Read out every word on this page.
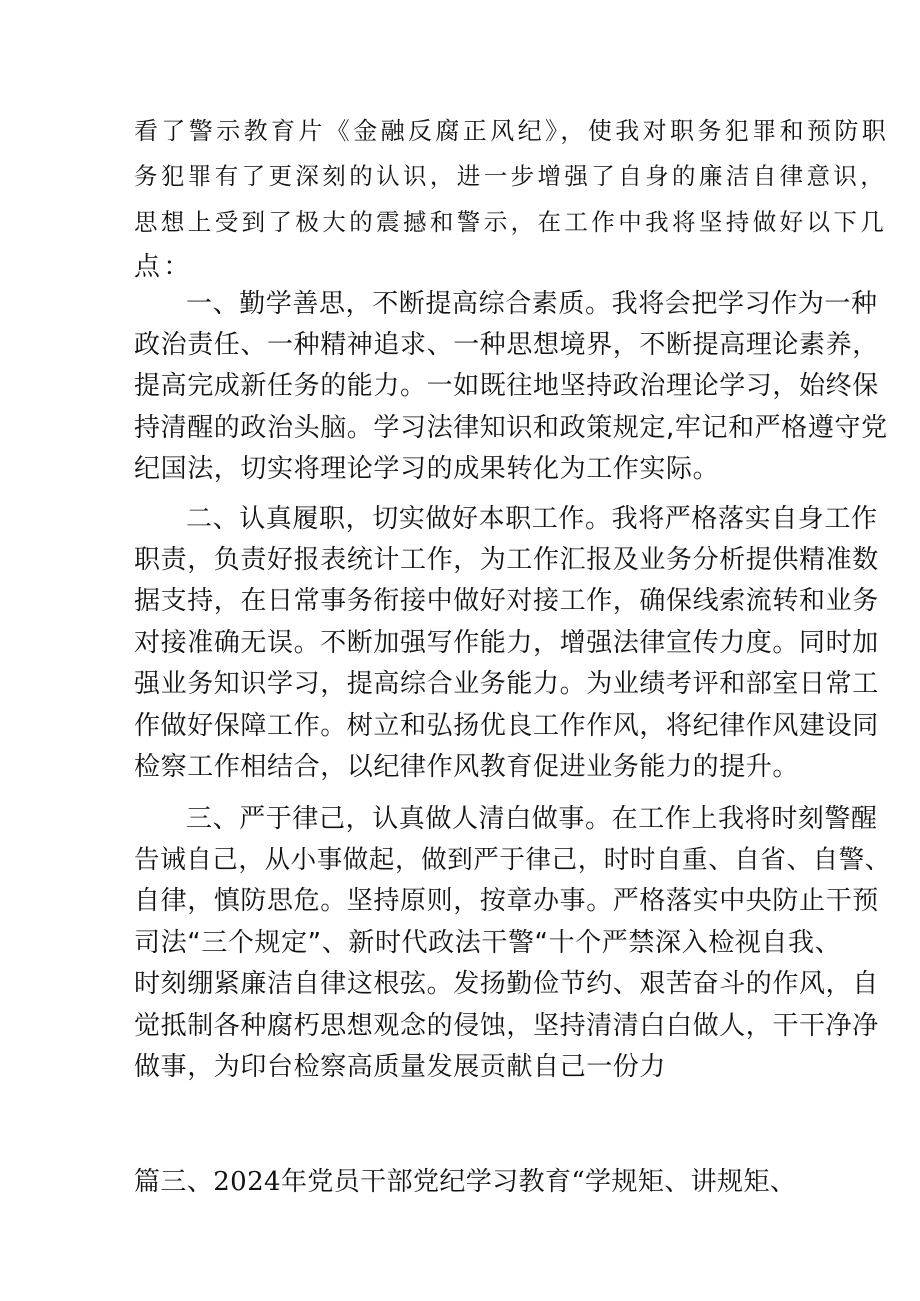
看了警示教育片《金融反腐正风纪》，使我对职务犯罪和预防职
务犯罪有了更深刻的认识，进一步增强了自身的廉洁自律意识，
思想上受到了极大的震撼和警示，在工作中我将坚持做好以下几
点：
一、勤学善思，不断提高综合素质。我将会把学习作为一种
政治责任、一种精神追求、一种思想境界，不断提高理论素养，
提高完成新任务的能力。一如既往地坚持政治理论学习，始终保
持清醒的政治头脑。学习法律知识和政策规定,牢记和严格遵守党
纪国法，切实将理论学习的成果转化为工作实际。
二、认真履职，切实做好本职工作。我将严格落实自身工作
职责，负责好报表统计工作，为工作汇报及业务分析提供精准数
据支持，在日常事务衔接中做好对接工作，确保线索流转和业务
对接准确无误。不断加强写作能力，增强法律宣传力度。同时加
强业务知识学习，提高综合业务能力。为业绩考评和部室日常工
作做好保障工作。树立和弘扬优良工作作风，将纪律作风建设同
检察工作相结合，以纪律作风教育促进业务能力的提升。
三、严于律己，认真做人清白做事。在工作上我将时刻警醒
告诫自己，从小事做起，做到严于律己，时时自重、自省、自警、
自律，慎防思危。坚持原则，按章办事。严格落实中央防止干预
司法“三个规定”、新时代政法干警“十个严禁深入检视自我、
时刻绷紧廉洁自律这根弦。发扬勤俭节约、艰苦奋斗的作风，自
觉抵制各种腐朽思想观念的侵蚀，坚持清清白白做人，干干净净
做事，为印台检察高质量发展贡献自己一份力
篇三、2024年党员干部党纪学习教育“学规矩、讲规矩、
